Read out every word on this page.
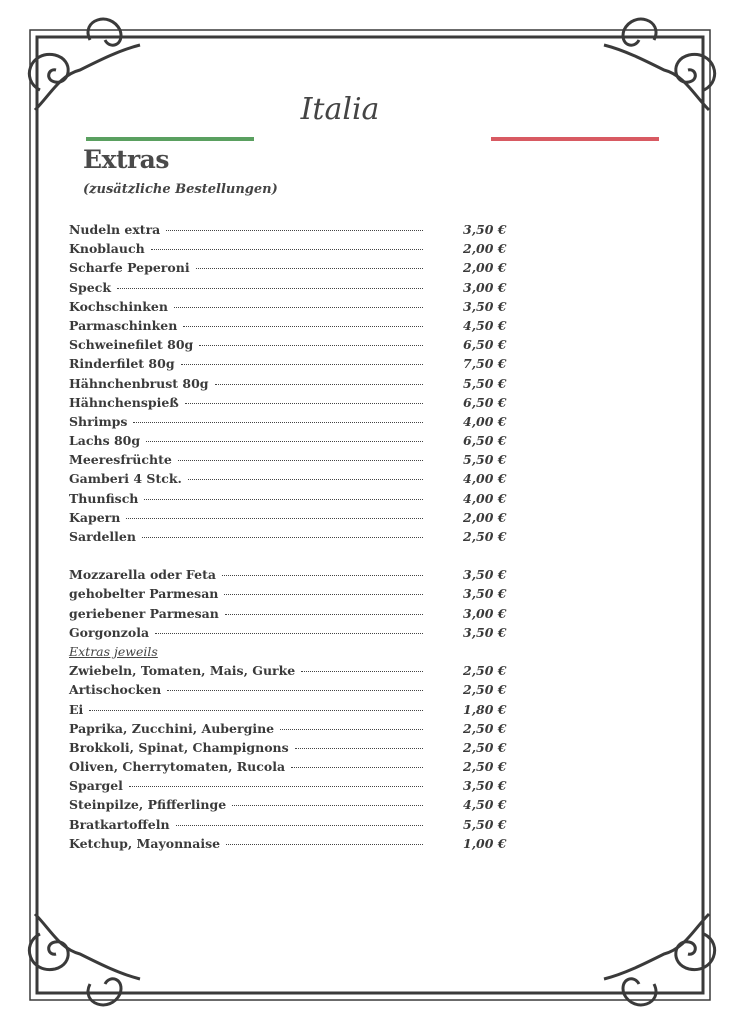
Italia
Extras
(zusätzliche Bestellungen)
Nudeln extra	3,50 €
Knoblauch	2,00 €
Scharfe Peperoni	2,00 €
Speck	3,00 €
Kochschinken	3,50 €
Parmaschinken	4,50 €
Schweinefilet 80g	6,50 €
Rinderfilet 80g	7,50 €
Hähnchenbrust 80g	5,50 €
Hähnchenspieß	6,50 €
Shrimps	4,00 €
Lachs 80g	6,50 €
Meeresfrüchte	5,50 €
Gamberi 4 Stck.	4,00 €
Thunfisch	4,00 €
Kapern	2,00 €
Sardellen	2,50 €
Mozzarella oder Feta	3,50 €
gehobelter Parmesan	3,50 €
geriebener Parmesan	3,00 €
Gorgonzola	3,50 €
Extras jeweils
Zwiebeln, Tomaten, Mais, Gurke	2,50 €
Artischocken	2,50 €
Ei	1,80 €
Paprika, Zucchini, Aubergine	2,50 €
Brokkoli, Spinat, Champignons	2,50 €
Oliven, Cherrytomaten, Rucola	2,50 €
Spargel	3,50 €
Steinpilze, Pfifferlinge	4,50 €
Bratkartoffeln	5,50 €
Ketchup, Mayonnaise	1,00 €
